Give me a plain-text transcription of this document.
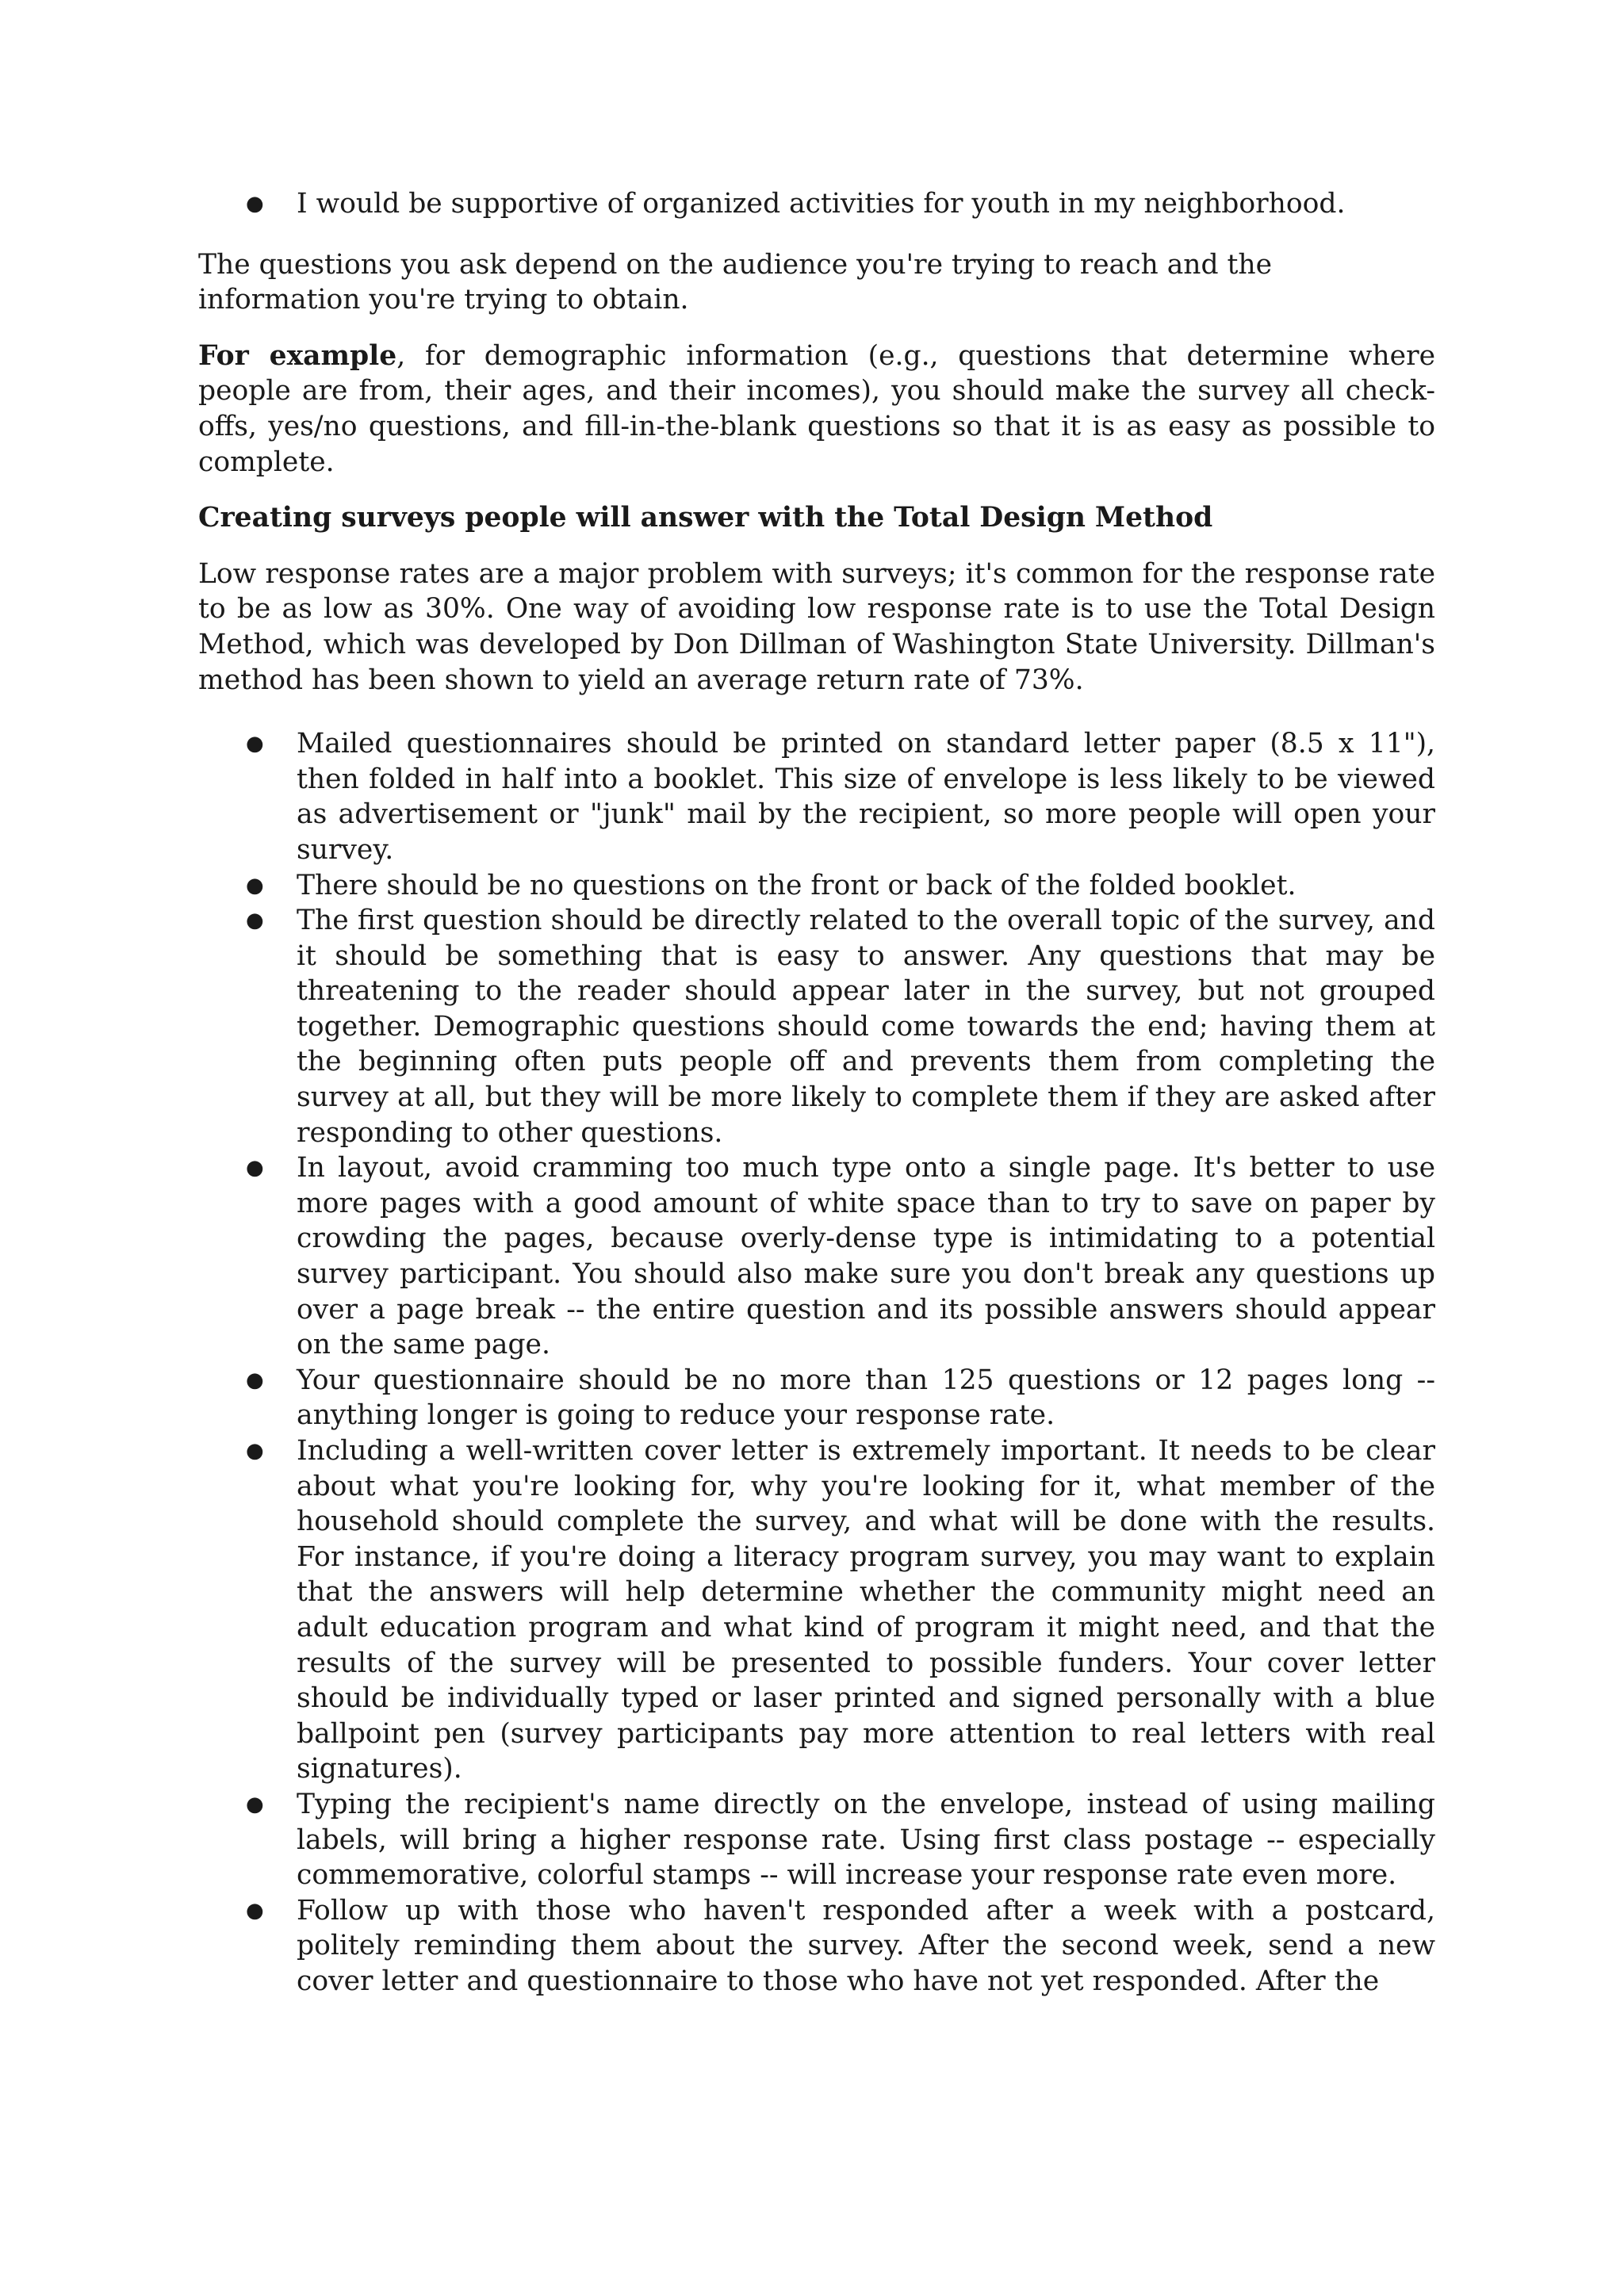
● I would be supportive of organized activities for youth in my neighborhood.

The questions you ask depend on the audience you're trying to reach and the information you're trying to obtain.

For example, for demographic information (e.g., questions that determine where people are from, their ages, and their incomes), you should make the survey all check-offs, yes/no questions, and fill-in-the-blank questions so that it is as easy as possible to complete.

Creating surveys people will answer with the Total Design Method

Low response rates are a major problem with surveys; it's common for the response rate to be as low as 30%. One way of avoiding low response rate is to use the Total Design Method, which was developed by Don Dillman of Washington State University. Dillman's method has been shown to yield an average return rate of 73%.

● Mailed questionnaires should be printed on standard letter paper (8.5 x 11"), then folded in half into a booklet. This size of envelope is less likely to be viewed as advertisement or "junk" mail by the recipient, so more people will open your survey.
● There should be no questions on the front or back of the folded booklet.
● The first question should be directly related to the overall topic of the survey, and it should be something that is easy to answer. Any questions that may be threatening to the reader should appear later in the survey, but not grouped together. Demographic questions should come towards the end; having them at the beginning often puts people off and prevents them from completing the survey at all, but they will be more likely to complete them if they are asked after responding to other questions.
● In layout, avoid cramming too much type onto a single page. It's better to use more pages with a good amount of white space than to try to save on paper by crowding the pages, because overly-dense type is intimidating to a potential survey participant. You should also make sure you don't break any questions up over a page break -- the entire question and its possible answers should appear on the same page.
● Your questionnaire should be no more than 125 questions or 12 pages long -- anything longer is going to reduce your response rate.
● Including a well-written cover letter is extremely important. It needs to be clear about what you're looking for, why you're looking for it, what member of the household should complete the survey, and what will be done with the results. For instance, if you're doing a literacy program survey, you may want to explain that the answers will help determine whether the community might need an adult education program and what kind of program it might need, and that the results of the survey will be presented to possible funders. Your cover letter should be individually typed or laser printed and signed personally with a blue ballpoint pen (survey participants pay more attention to real letters with real signatures).
● Typing the recipient's name directly on the envelope, instead of using mailing labels, will bring a higher response rate. Using first class postage -- especially commemorative, colorful stamps -- will increase your response rate even more.
● Follow up with those who haven't responded after a week with a postcard, politely reminding them about the survey. After the second week, send a new cover letter and questionnaire to those who have not yet responded. After the
